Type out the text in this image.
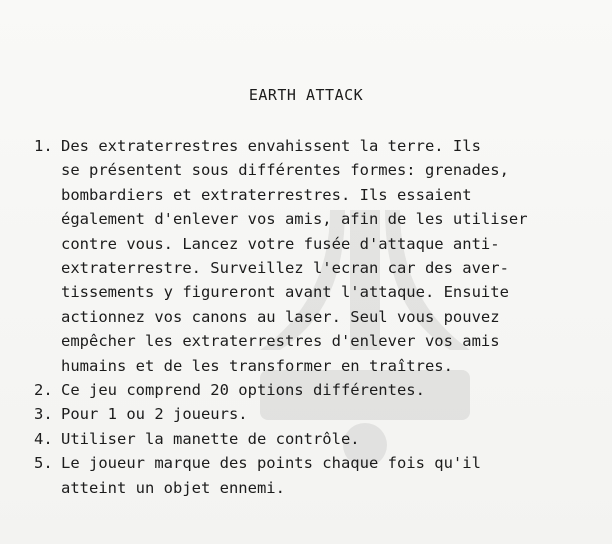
EARTH ATTACK
1. Des extraterrestres envahissent la terre. Ils
se présentent sous différentes formes: grenades,
bombardiers et extraterrestres. Ils essaient
également d'enlever vos amis, afin de les utiliser
contre vous. Lancez votre fusée d'attaque anti-
extraterrestre. Surveillez l'ecran car des aver-
tissements y figureront avant l'attaque. Ensuite
actionnez vos canons au laser. Seul vous pouvez
empêcher les extraterrestres d'enlever vos amis
humains et de les transformer en traîtres.
2. Ce jeu comprend 20 options différentes.
3. Pour 1 ou 2 joueurs.
4. Utiliser la manette de contrôle.
5. Le joueur marque des points chaque fois qu'il
atteint un objet ennemi.
